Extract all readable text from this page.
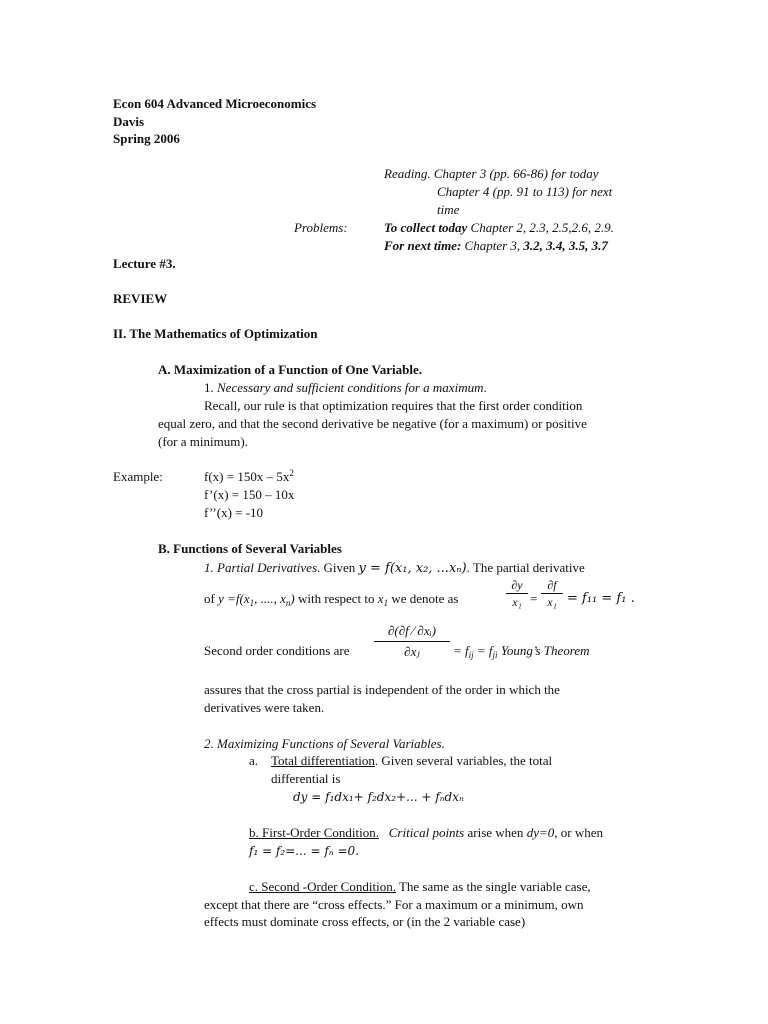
Econ 604 Advanced Microeconomics
Davis
Spring 2006
Reading. Chapter 3 (pp. 66-86) for today
Chapter 4 (pp. 91 to 113) for next
time
Problems:	To collect today Chapter 2, 2.3, 2.5,2.6, 2.9.
For next time: Chapter 3, 3.2, 3.4, 3.5, 3.7
Lecture #3.
REVIEW
II. The Mathematics of Optimization
A. Maximization of a Function of One Variable.
1. Necessary and sufficient conditions for a maximum.
Recall, our rule is that optimization requires that the first order condition
equal zero, and that the second derivative be negative (for a maximum) or positive
(for a minimum).
Example:	$f(x) = 150x - 5x^2$
f’(x) = 150 – 10x
f’’(x) = -10
B. Functions of Several Variables
1. Partial Derivatives. Given y = f(x₁, x₂, ...xₙ). The partial derivative
of $y =f(x_1$, ...., $x_n$) with respect to $x_1$ we denote as
∂y
x₁ =
∂f
x₁ = f₁₁ = f₁ .
Second order conditions are
∂(∂f ⁄ ∂xᵢ)
∂xⱼ	= $f_{ij} = f_{ji}$ Young’s Theorem
assures that the cross partial is independent of the order in which the
derivatives were taken.
2. Maximizing Functions of Several Variables.
a. Total differentiation. Given several variables, the total
differential is
dy = f₁dx₁+ f₂dx₂+... + fₙdxₙ
b. First-Order Condition. Critical points arise when dy=0, or when
f₁ = f₂=... = fₙ =0.
c. Second -Order Condition. The same as the single variable case,
except that there are “cross effects.” For a maximum or a minimum, own
effects must dominate cross effects, or (in the 2 variable case)
